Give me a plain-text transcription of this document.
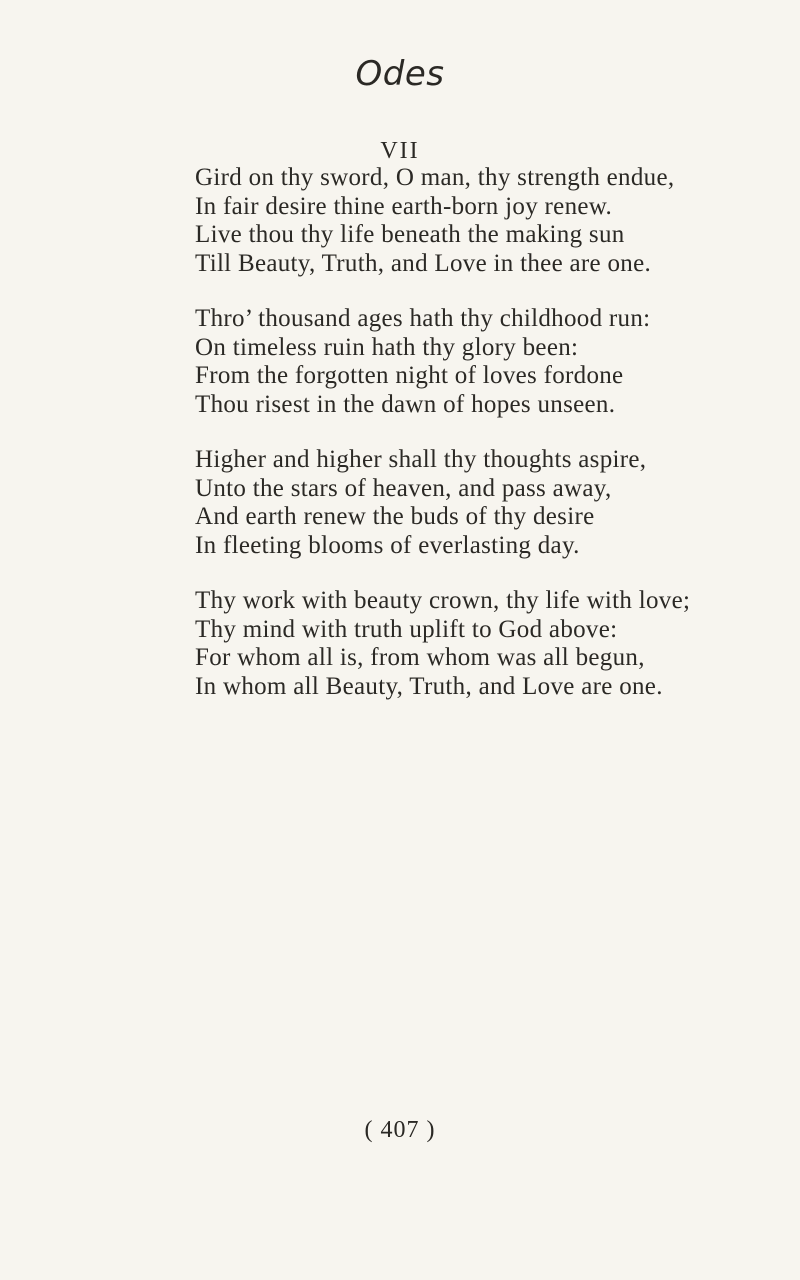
Odes
VII
Gird on thy sword, O man, thy strength endue,
In fair desire thine earth-born joy renew.
Live thou thy life beneath the making sun
Till Beauty, Truth, and Love in thee are one.
Thro’ thousand ages hath thy childhood run:
On timeless ruin hath thy glory been:
From the forgotten night of loves fordone
Thou risest in the dawn of hopes unseen.
Higher and higher shall thy thoughts aspire,
Unto the stars of heaven, and pass away,
And earth renew the buds of thy desire
In fleeting blooms of everlasting day.
Thy work with beauty crown, thy life with love;
Thy mind with truth uplift to God above:
For whom all is, from whom was all begun,
In whom all Beauty, Truth, and Love are one.
( 407 )
